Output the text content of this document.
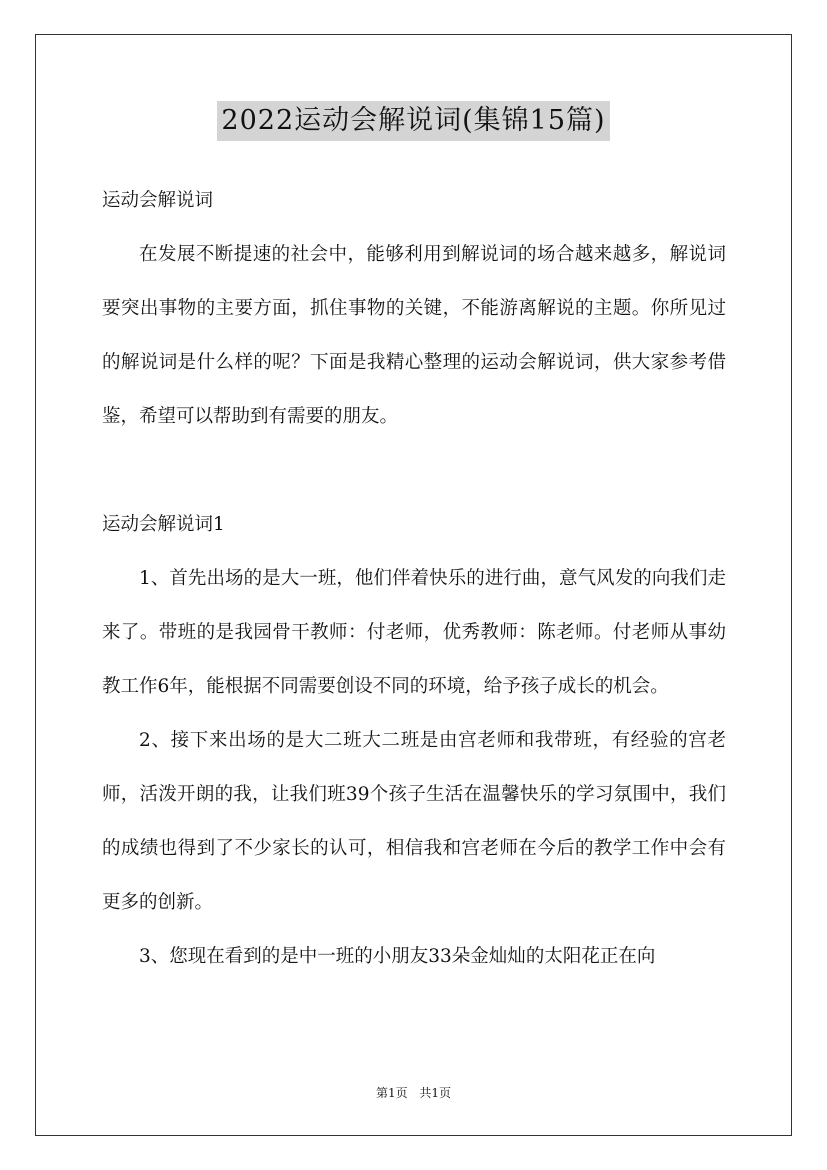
2022运动会解说词(集锦15篇)

运动会解说词

在发展不断提速的社会中，能够利用到解说词的场合越来越多，解说词要突出事物的主要方面，抓住事物的关键，不能游离解说的主题。你所见过的解说词是什么样的呢？下面是我精心整理的运动会解说词，供大家参考借鉴，希望可以帮助到有需要的朋友。

运动会解说词1

1、首先出场的是大一班，他们伴着快乐的进行曲，意气风发的向我们走来了。带班的是我园骨干教师：付老师，优秀教师：陈老师。付老师从事幼教工作6年，能根据不同需要创设不同的环境，给予孩子成长的机会。

2、接下来出场的是大二班大二班是由宫老师和我带班，有经验的宫老师，活泼开朗的我，让我们班39个孩子生活在温馨快乐的学习氛围中，我们的成绩也得到了不少家长的认可，相信我和宫老师在今后的教学工作中会有更多的创新。

3、您现在看到的是中一班的小朋友33朵金灿灿的太阳花正在向

第1页 共1页
